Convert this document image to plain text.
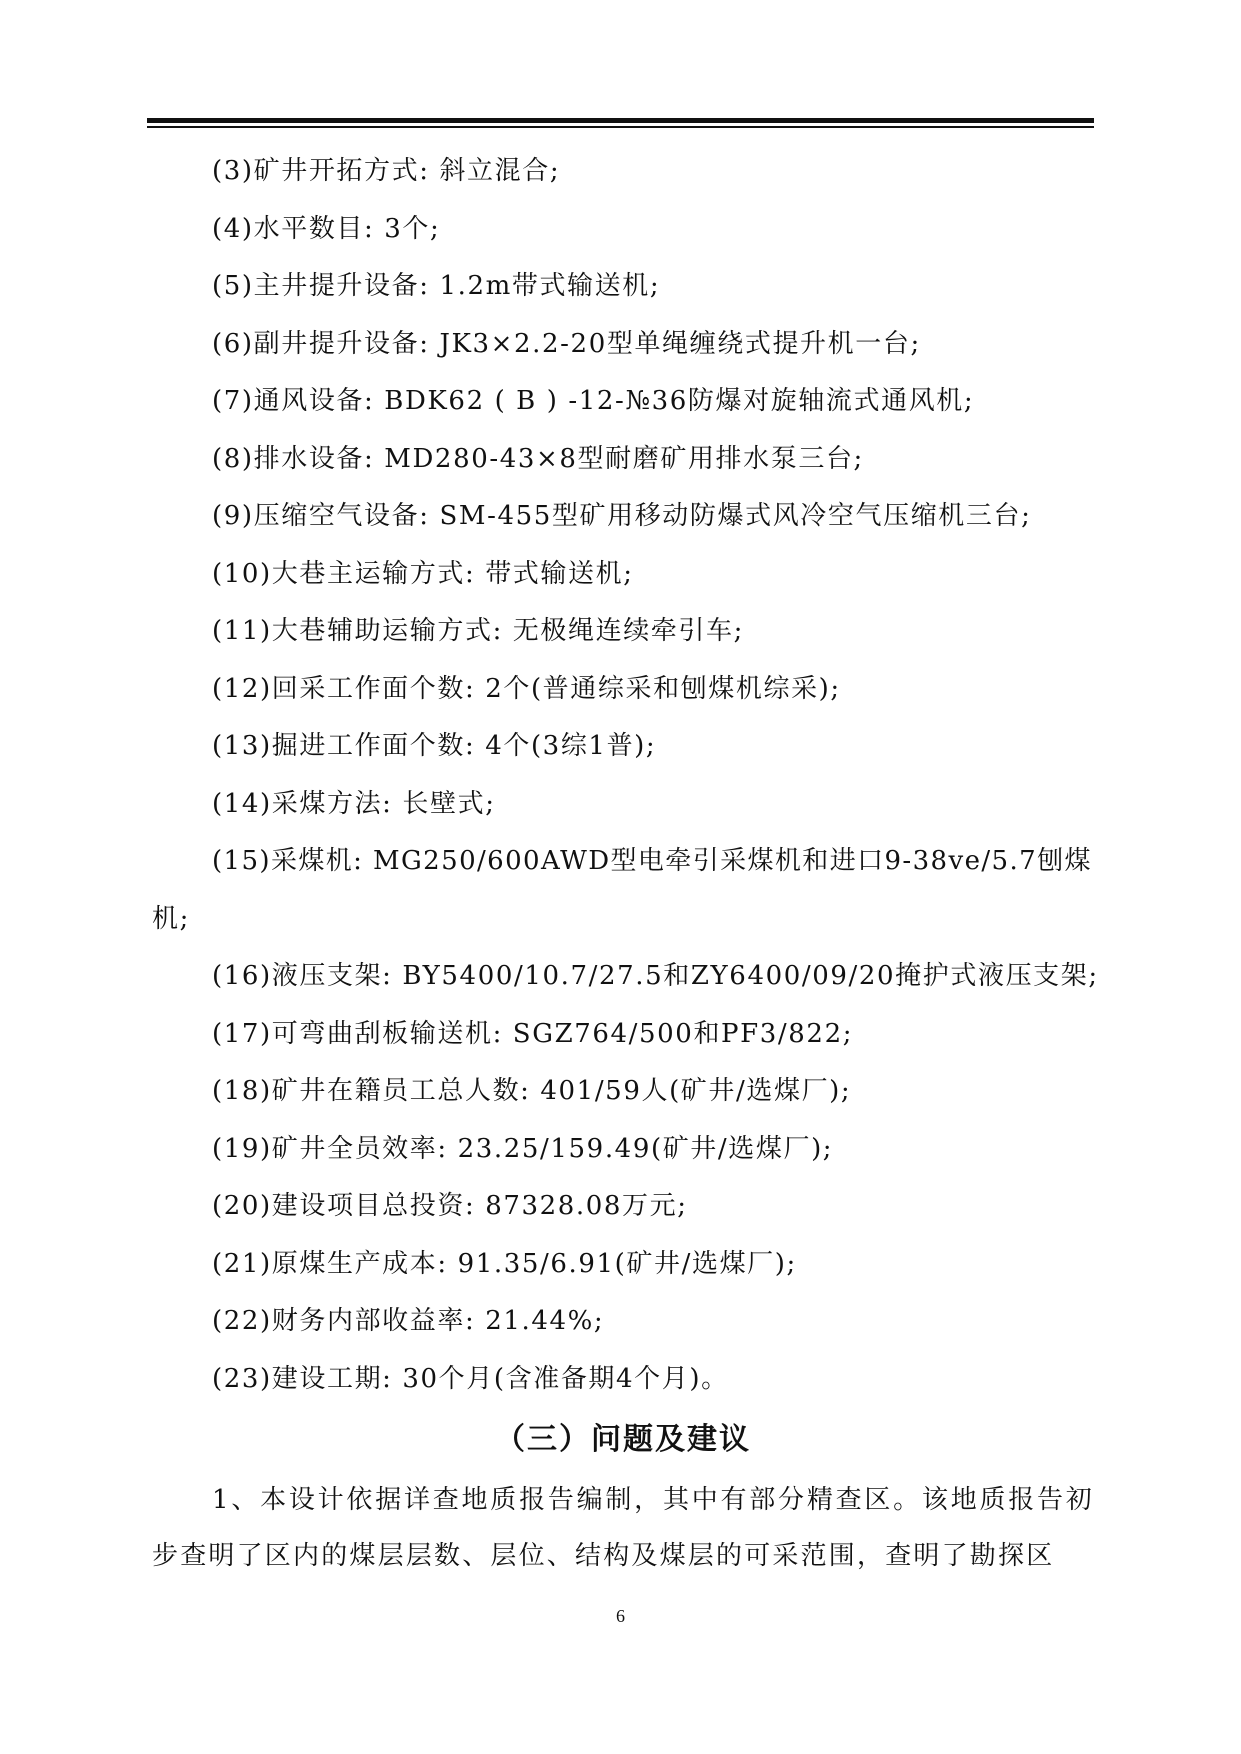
(3)矿井开拓方式: 斜立混合;
(4)水平数目: 3个;
(5)主井提升设备: 1.2m带式输送机;
(6)副井提升设备: JK3×2.2-20型单绳缠绕式提升机一台;
(7)通风设备: BDK62 ( B ) -12-№36防爆对旋轴流式通风机;
(8)排水设备: MD280-43×8型耐磨矿用排水泵三台;
(9)压缩空气设备: SM-455型矿用移动防爆式风冷空气压缩机三台;
(10)大巷主运输方式: 带式输送机;
(11)大巷辅助运输方式: 无极绳连续牵引车;
(12)回采工作面个数: 2个(普通综采和刨煤机综采);
(13)掘进工作面个数: 4个(3综1普);
(14)采煤方法: 长壁式;
(15)采煤机: MG250/600AWD型电牵引采煤机和进口9-38ve/5.7刨煤
机;
(16)液压支架: BY5400/10.7/27.5和ZY6400/09/20掩护式液压支架;
(17)可弯曲刮板输送机: SGZ764/500和PF3/822;
(18)矿井在籍员工总人数: 401/59人(矿井/选煤厂);
(19)矿井全员效率: 23.25/159.49(矿井/选煤厂);
(20)建设项目总投资: 87328.08万元;
(21)原煤生产成本: 91.35/6.91(矿井/选煤厂);
(22)财务内部收益率: 21.44%;
(23)建设工期: 30个月(含准备期4个月)。
（三）问题及建议
1、本设计依据详查地质报告编制，其中有部分精查区。该地质报告初步查明了区内的煤层层数、层位、结构及煤层的可采范围，查明了勘探区
6
